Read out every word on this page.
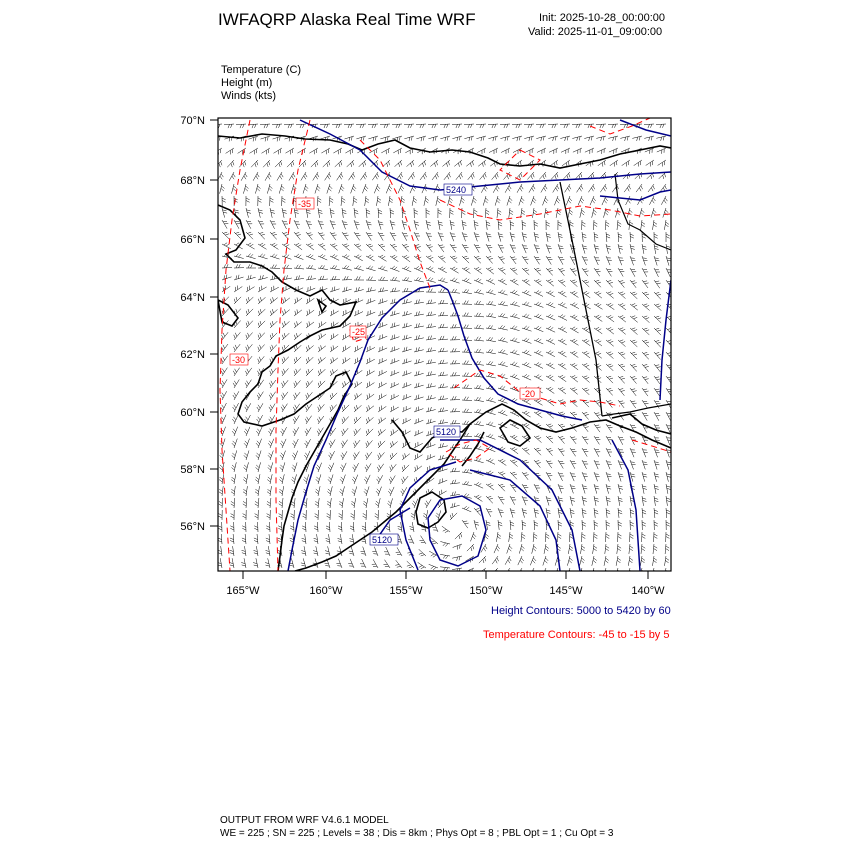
IWFAQRP Alaska Real Time WRF	Init: 2025-10-28_00:00:00
Valid: 2025-11-01_09:00:00
Temperature (C)
Height (m)
Winds (kts)
5240
5120
5120
-35
-30
-20
-25
70°N
68°N
66°N
64°N
62°N
60°N
58°N
56°N
165°W	160°W	155°W	150°W	145°W	140°W
Height Contours: 5000 to 5420 by 60
Temperature Contours: -45 to -15 by 5
OUTPUT FROM WRF V4.6.1 MODEL
WE = 225 ; SN = 225 ; Levels = 38 ; Dis = 8km ; Phys Opt = 8 ; PBL Opt = 1 ; Cu Opt = 3
